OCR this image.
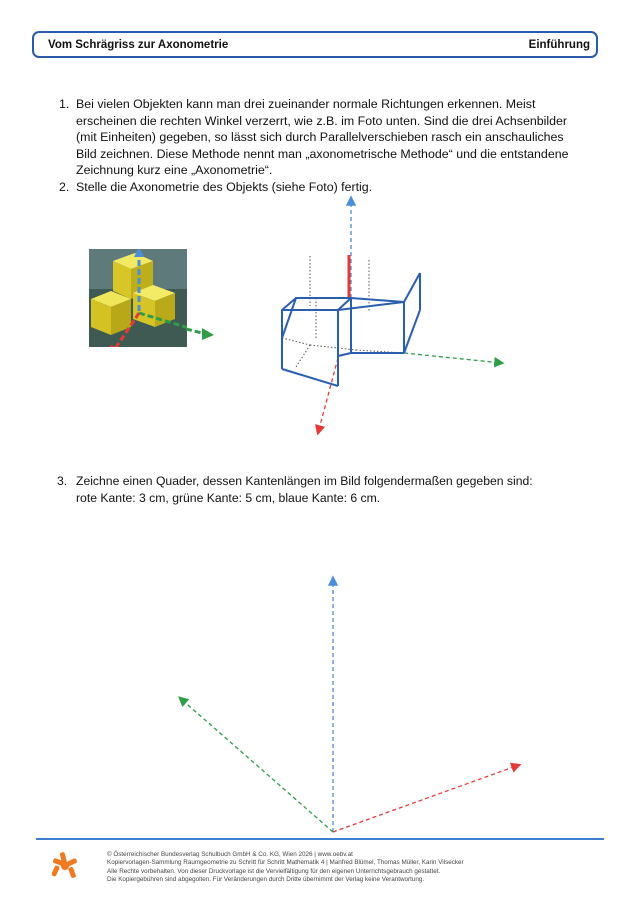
Vom Schrägriss zur Axonometrie	Einführung
1. Bei vielen Objekten kann man drei zueinander normale Richtungen erkennen. Meist
erscheinen die rechten Winkel verzerrt, wie z.B. im Foto unten. Sind die drei Achsenbilder
(mit Einheiten) gegeben, so lässt sich durch Parallelverschieben rasch ein anschauliches
Bild zeichnen. Diese Methode nennt man „axonometrische Methode“ und die entstandene
Zeichnung kurz eine „Axonometrie“.
2. Stelle die Axonometrie des Objekts (siehe Foto) fertig.
3. Zeichne einen Quader, dessen Kantenlängen im Bild folgendermaßen gegeben sind:
rote Kante: 3 cm, grüne Kante: 5 cm, blaue Kante: 6 cm.
© Österreichischer Bundesverlag Schulbuch GmbH & Co. KG, Wien 2026 | www.oebv.at
Kopiervorlagen-Sammlung Raumgeometrie zu Schritt für Schritt Mathematik 4 | Manfred Blümel, Thomas Müller, Karin Vilsecker
Alle Rechte vorbehalten. Von dieser Druckvorlage ist die Vervielfältigung für den eigenen Unterrichtsgebrauch gestattet.
Die Kopiergebühren sind abgegolten. Für Veränderungen durch Dritte übernimmt der Verlag keine Verantwortung.
